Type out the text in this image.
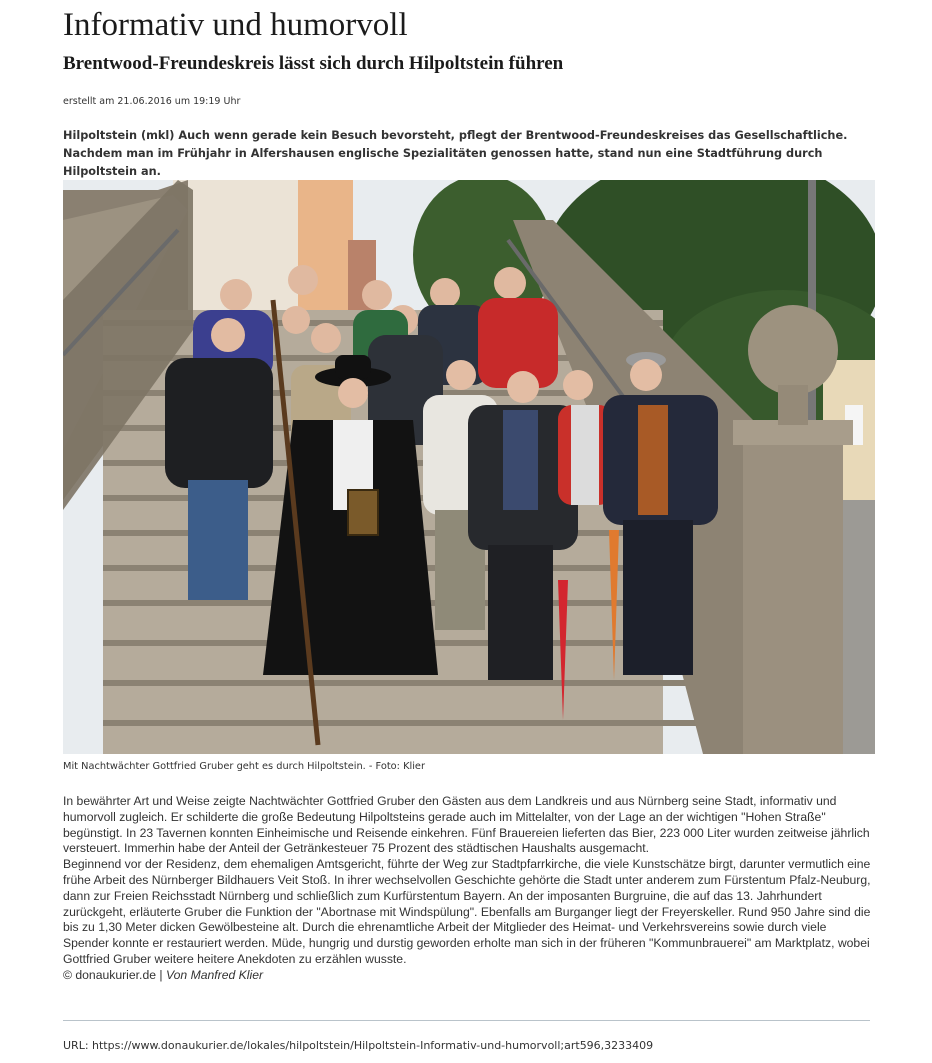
Informativ und humorvoll
Brentwood-Freundeskreis lässt sich durch Hilpoltstein führen
erstellt am 21.06.2016 um 19:19 Uhr
Hilpoltstein (mkl) Auch wenn gerade kein Besuch bevorsteht, pflegt der Brentwood-Freundeskreises das Gesellschaftliche. Nachdem man im Frühjahr in Alfershausen englische Spezialitäten genossen hatte, stand nun eine Stadtführung durch Hilpoltstein an.
Mit Nachtwächter Gottfried Gruber geht es durch Hilpoltstein. - Foto: Klier

In bewährter Art und Weise zeigte Nachtwächter Gottfried Gruber den Gästen aus dem Landkreis und aus Nürnberg seine Stadt, informativ und humorvoll zugleich. Er schilderte die große Bedeutung Hilpoltsteins gerade auch im Mittelalter, von der Lage an der wichtigen "Hohen Straße" begünstigt. In 23 Tavernen konnten Einheimische und Reisende einkehren. Fünf Brauereien lieferten das Bier, 223 000 Liter wurden zeitweise jährlich versteuert. Immerhin habe der Anteil der Getränkesteuer 75 Prozent des städtischen Haushalts ausgemacht.

Beginnend vor der Residenz, dem ehemaligen Amtsgericht, führte der Weg zur Stadtpfarrkirche, die viele Kunstschätze birgt, darunter vermutlich eine frühe Arbeit des Nürnberger Bildhauers Veit Stoß. In ihrer wechselvollen Geschichte gehörte die Stadt unter anderem zum Fürstentum Pfalz-Neuburg, dann zur Freien Reichsstadt Nürnberg und schließlich zum Kurfürstentum Bayern. An der imposanten Burgruine, die auf das 13. Jahrhundert zurückgeht, erläuterte Gruber die Funktion der "Abortnase mit Windspülung". Ebenfalls am Burganger liegt der Freyerskeller. Rund 950 Jahre sind die bis zu 1,30 Meter dicken Gewölbesteine alt. Durch die ehrenamtliche Arbeit der Mitglieder des Heimat- und Verkehrsvereins sowie durch viele Spender konnte er restauriert werden. Müde, hungrig und durstig geworden erholte man sich in der früheren "Kommunbrauerei" am Marktplatz, wobei Gottfried Gruber weitere heitere Anekdoten zu erzählen wusste.

© donaukurier.de | Von Manfred Klier
URL: https://www.donaukurier.de/lokales/hilpoltstein/Hilpoltstein-Informativ-und-humorvoll;art596,3233409
